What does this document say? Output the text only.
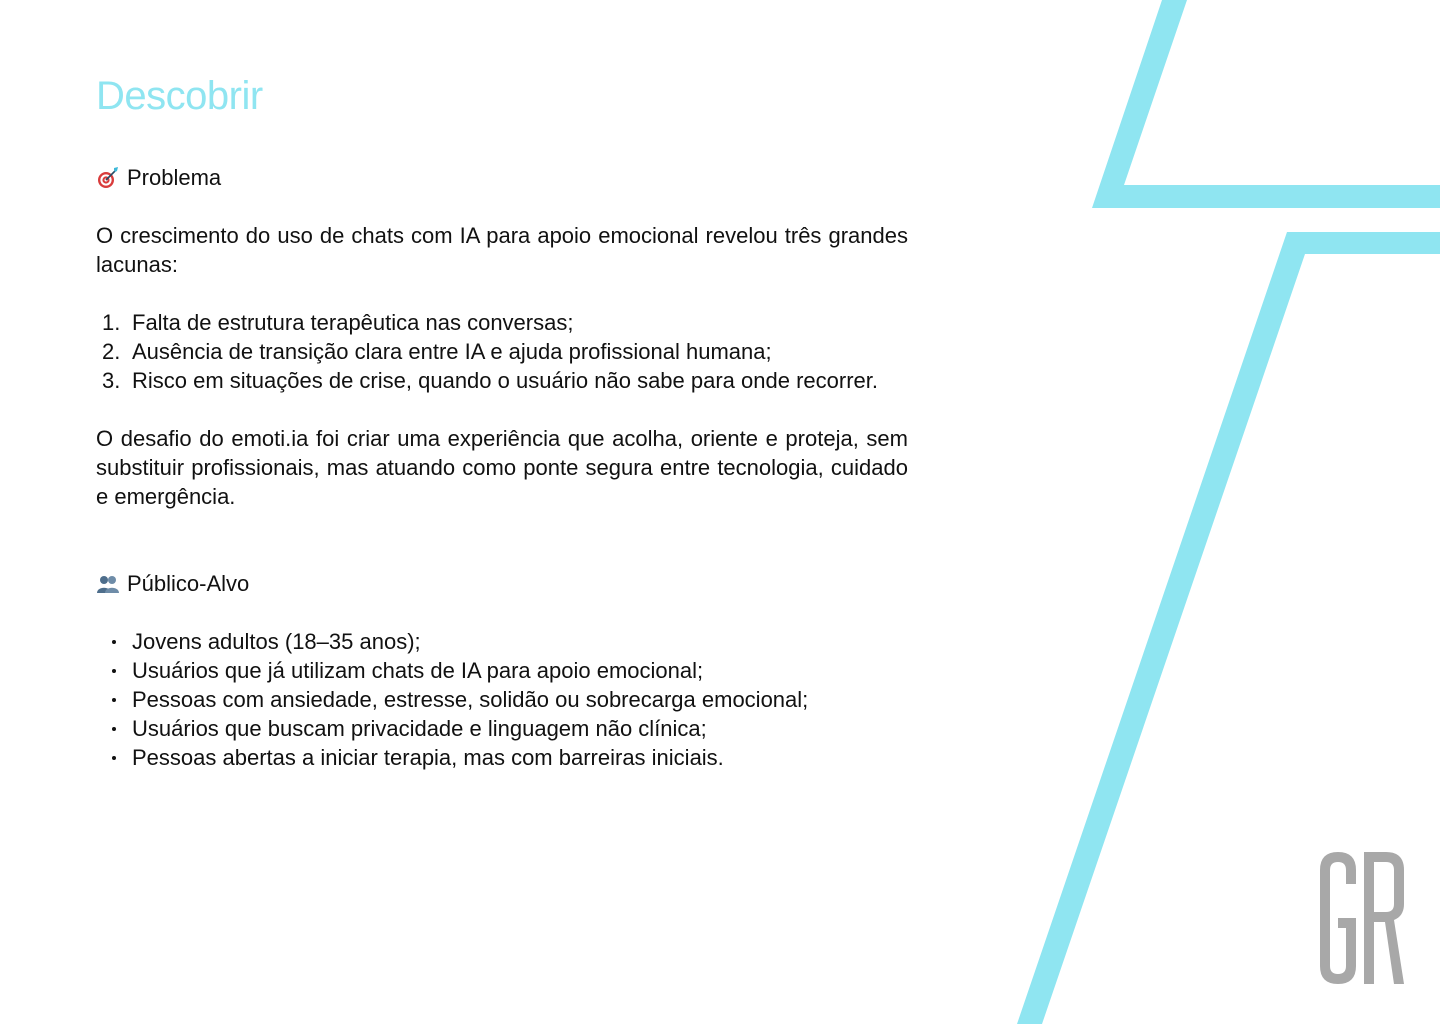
Descobrir
Problema

O crescimento do uso de chats com IA para apoio emocional revelou três grandes lacunas:

1. Falta de estrutura terapêutica nas conversas;
2. Ausência de transição clara entre IA e ajuda profissional humana;
3. Risco em situações de crise, quando o usuário não sabe para onde recorrer.

O desafio do emoti.ia foi criar uma experiência que acolha, oriente e proteja, sem substituir profissionais, mas atuando como ponte segura entre tecnologia, cuidado e emergência.

Público-Alvo
Jovens adultos (18–35 anos);
Usuários que já utilizam chats de IA para apoio emocional;
Pessoas com ansiedade, estresse, solidão ou sobrecarga emocional;
Usuários que buscam privacidade e linguagem não clínica;
Pessoas abertas a iniciar terapia, mas com barreiras iniciais.
